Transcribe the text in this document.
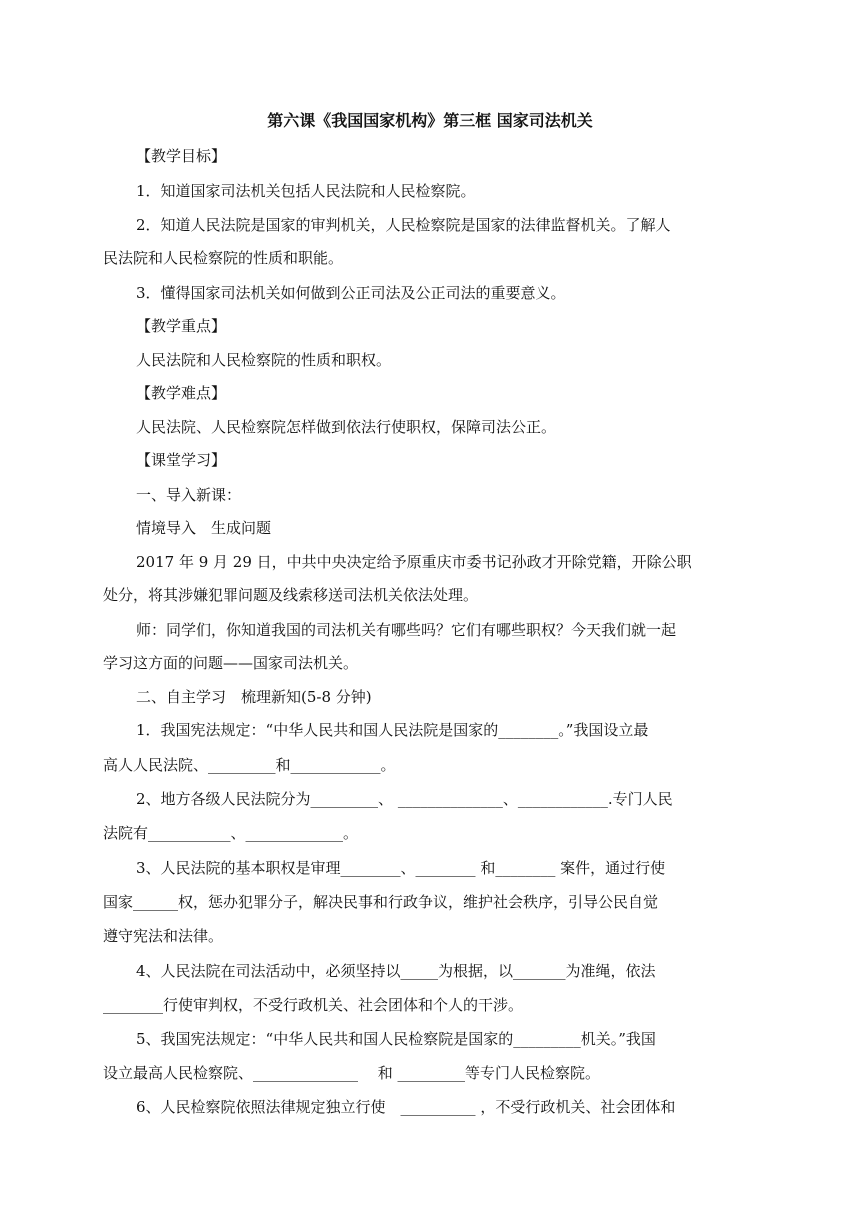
第六课《我国国家机构》第三框 国家司法机关
【教学目标】
1．知道国家司法机关包括人民法院和人民检察院。
2．知道人民法院是国家的审判机关，人民检察院是国家的法律监督机关。了解人
民法院和人民检察院的性质和职能。
3．懂得国家司法机关如何做到公正司法及公正司法的重要意义。
【教学重点】
人民法院和人民检察院的性质和职权。
【教学难点】
人民法院、人民检察院怎样做到依法行使职权，保障司法公正。
【课堂学习】
一、导入新课：
情境导入　生成问题
2017 年 9 月 29 日，中共中央决定给予原重庆市委书记孙政才开除党籍，开除公职
处分，将其涉嫌犯罪问题及线索移送司法机关依法处理。
师：同学们，你知道我国的司法机关有哪些吗？它们有哪些职权？今天我们就一起
学习这方面的问题——国家司法机关。
二、自主学习　梳理新知(5-8 分钟)
1．我国宪法规定：“中华人民共和国人民法院是国家的________。”我国设立最
高人人民法院、_________和____________。
2、地方各级人民法院分为_________、 ______________、____________.专门人民
法院有___________、_____________。
3、人民法院的基本职权是审理________、________ 和________ 案件，通过行使
国家______权，惩办犯罪分子，解决民事和行政争议，维护社会秩序，引导公民自觉
遵守宪法和法律。
4、人民法院在司法活动中，必须坚持以_____为根据，以_______为准绳，依法
________行使审判权，不受行政机关、社会团体和个人的干涉。
5、我国宪法规定：“中华人民共和国人民检察院是国家的_________机关。”我国
设立最高人民检察院、______________　 和 _________等专门人民检察院。
6、人民检察院依照法律规定独立行使　__________ ，不受行政机关、社会团体和
